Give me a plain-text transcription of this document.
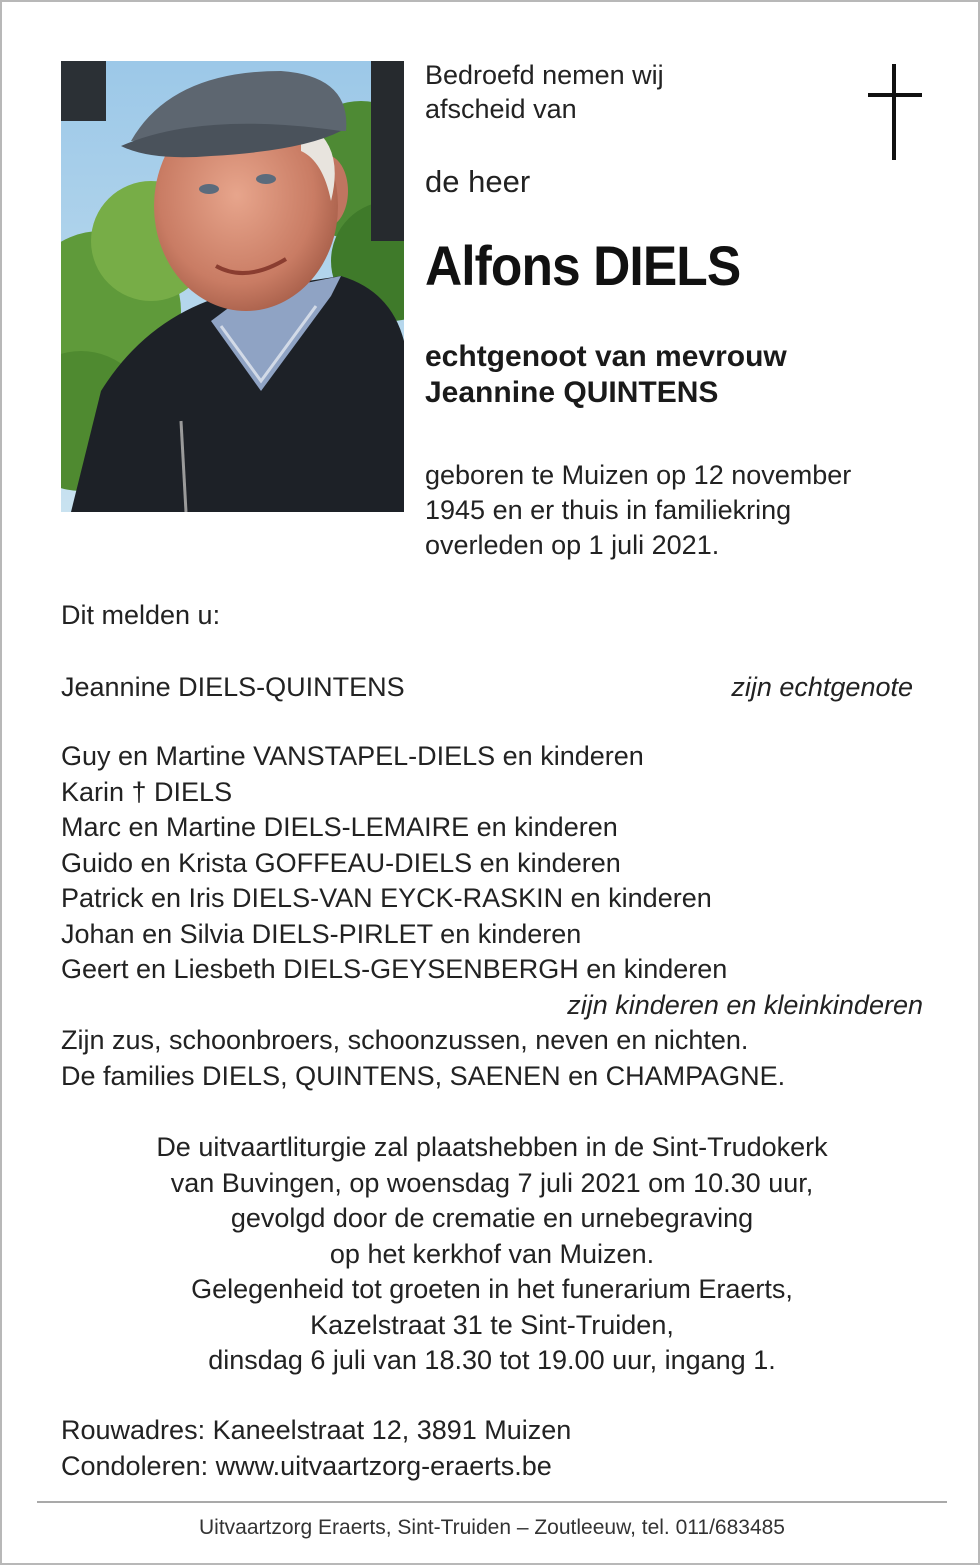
Bedroefd nemen wij
afscheid van
de heer
Alfons DIELS
echtgenoot van mevrouw
Jeannine QUINTENS
geboren te Muizen op 12 november
1945 en er thuis in familiekring
overleden op 1 juli 2021.
Dit melden u:
Jeannine DIELS-QUINTENS	zijn echtgenote
Guy en Martine VANSTAPEL-DIELS en kinderen
Karin † DIELS
Marc en Martine DIELS-LEMAIRE en kinderen
Guido en Krista GOFFEAU-DIELS en kinderen
Patrick en Iris DIELS-VAN EYCK-RASKIN en kinderen
Johan en Silvia DIELS-PIRLET en kinderen
Geert en Liesbeth DIELS-GEYSENBERGH en kinderen
zijn kinderen en kleinkinderen
Zijn zus, schoonbroers, schoonzussen, neven en nichten.
De families DIELS, QUINTENS, SAENEN en CHAMPAGNE.
De uitvaartliturgie zal plaatshebben in de Sint-Trudokerk
van Buvingen, op woensdag 7 juli 2021 om 10.30 uur,
gevolgd door de crematie en urnebegraving
op het kerkhof van Muizen.
Gelegenheid tot groeten in het funerarium Eraerts,
Kazelstraat 31 te Sint-Truiden,
dinsdag 6 juli van 18.30 tot 19.00 uur, ingang 1.
Rouwadres: Kaneelstraat 12, 3891 Muizen
Condoleren: www.uitvaartzorg-eraerts.be
Uitvaartzorg Eraerts, Sint-Truiden – Zoutleeuw, tel. 011/683485
